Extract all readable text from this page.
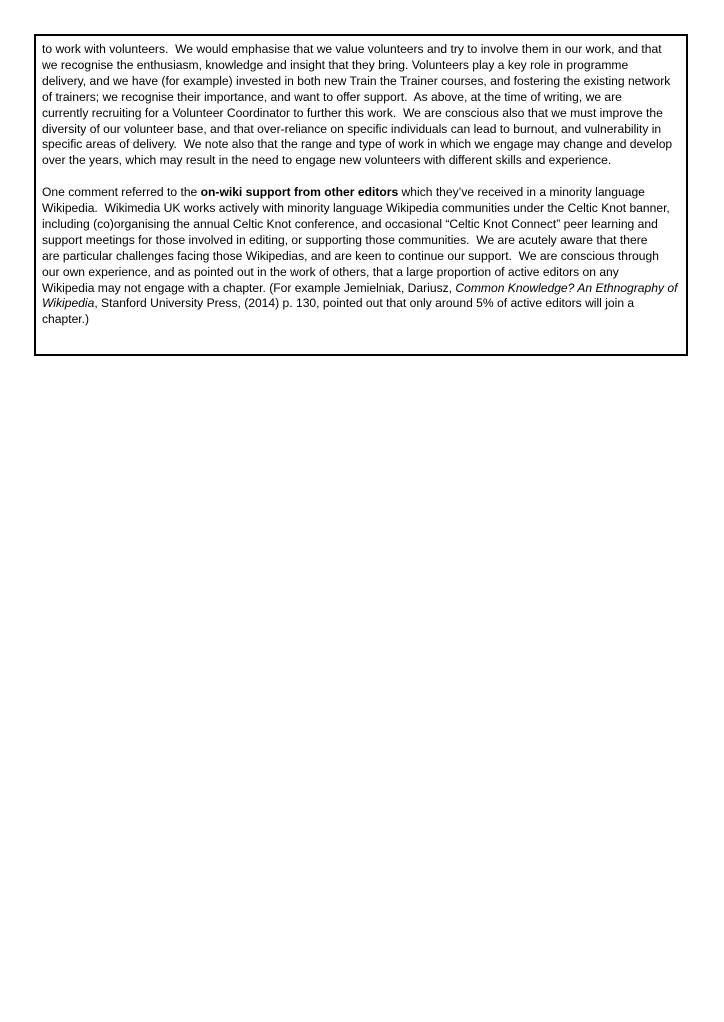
to work with volunteers.  We would emphasise that we value volunteers and try to involve them in our work, and that
we recognise the enthusiasm, knowledge and insight that they bring. Volunteers play a key role in programme
delivery, and we have (for example) invested in both new Train the Trainer courses, and fostering the existing network
of trainers; we recognise their importance, and want to offer support.  As above, at the time of writing, we are
currently recruiting for a Volunteer Coordinator to further this work.  We are conscious also that we must improve the
diversity of our volunteer base, and that over-reliance on specific individuals can lead to burnout, and vulnerability in
specific areas of delivery.  We note also that the range and type of work in which we engage may change and develop
over the years, which may result in the need to engage new volunteers with different skills and experience.

One comment referred to the on-wiki support from other editors which they’ve received in a minority language
Wikipedia.  Wikimedia UK works actively with minority language Wikipedia communities under the Celtic Knot banner,
including (co)organising the annual Celtic Knot conference, and occasional “Celtic Knot Connect” peer learning and
support meetings for those involved in editing, or supporting those communities.  We are acutely aware that there
are particular challenges facing those Wikipedias, and are keen to continue our support.  We are conscious through
our own experience, and as pointed out in the work of others, that a large proportion of active editors on any
Wikipedia may not engage with a chapter. (For example Jemielniak, Dariusz, Common Knowledge? An Ethnography of
Wikipedia, Stanford University Press, (2014) p. 130, pointed out that only around 5% of active editors will join a
chapter.)
